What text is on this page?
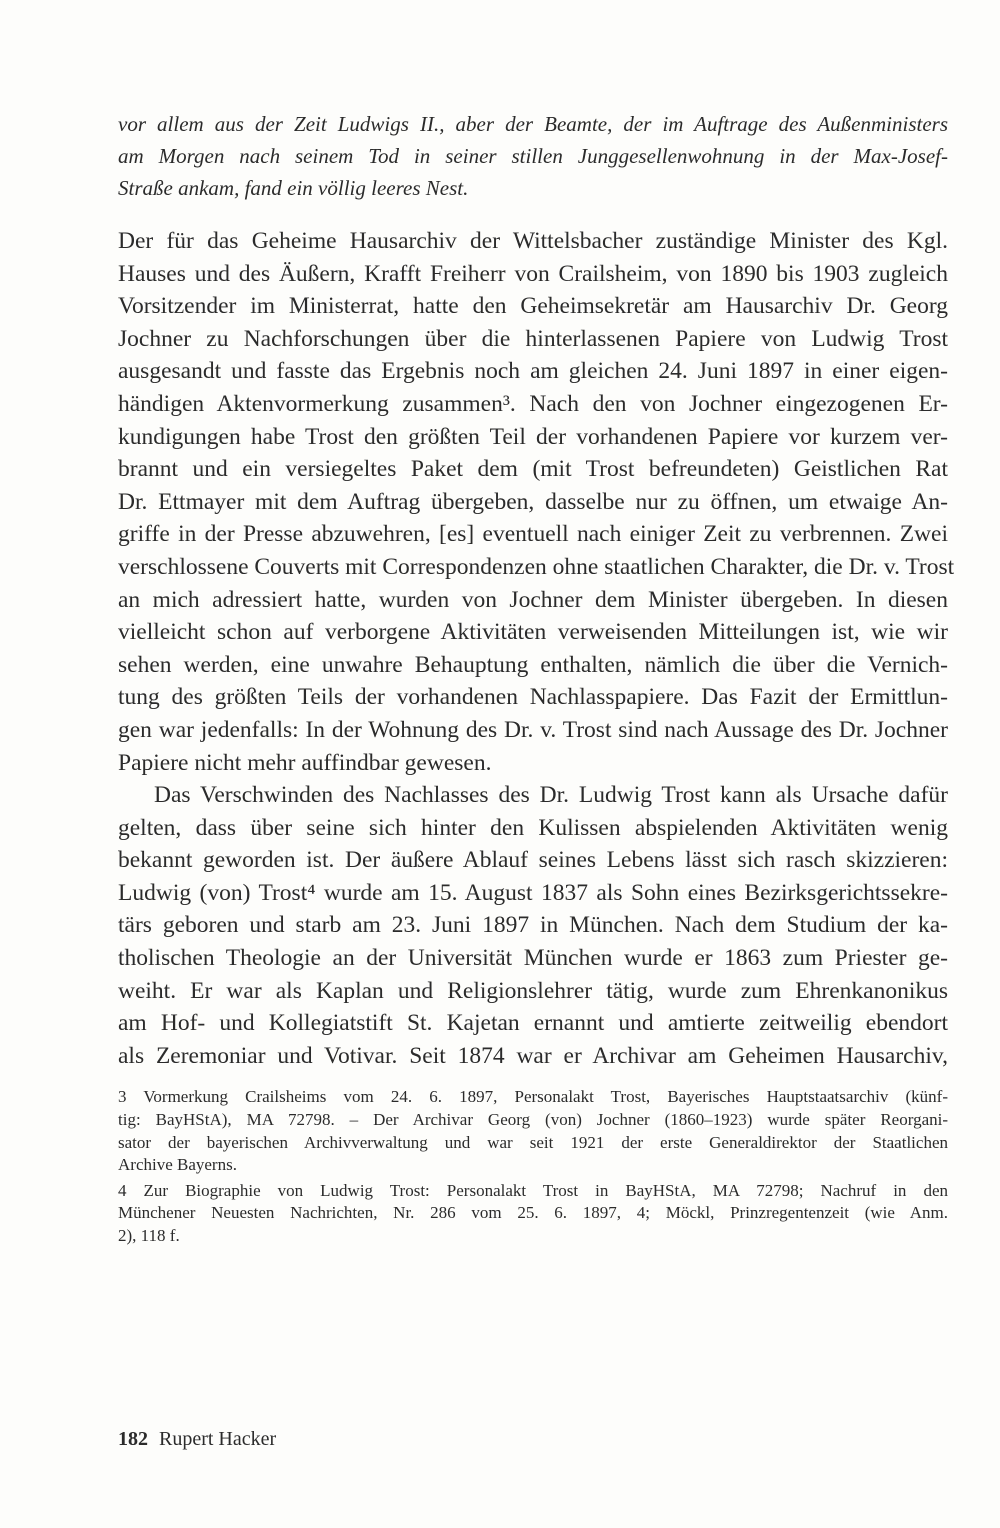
vor allem aus der Zeit Ludwigs II., aber der Beamte, der im Auftrage des Außenministers
am Morgen nach seinem Tod in seiner stillen Junggesellenwohnung in der Max-Josef-
Straße ankam, fand ein völlig leeres Nest.
Der für das Geheime Hausarchiv der Wittelsbacher zuständige Minister des Kgl.
Hauses und des Äußern, Krafft Freiherr von Crailsheim, von 1890 bis 1903 zugleich
Vorsitzender im Ministerrat, hatte den Geheimsekretär am Hausarchiv Dr. Georg
Jochner zu Nachforschungen über die hinterlassenen Papiere von Ludwig Trost
ausgesandt und fasste das Ergebnis noch am gleichen 24. Juni 1897 in einer eigen-
händigen Aktenvormerkung zusammen³. Nach den von Jochner eingezogenen Er-
kundigungen habe Trost den größten Teil der vorhandenen Papiere vor kurzem ver-
brannt und ein versiegeltes Paket dem (mit Trost befreundeten) Geistlichen Rat
Dr. Ettmayer mit dem Auftrag übergeben, dasselbe nur zu öffnen, um etwaige An-
griffe in der Presse abzuwehren, [es] eventuell nach einiger Zeit zu verbrennen. Zwei
verschlossene Couverts mit Correspondenzen ohne staatlichen Charakter, die Dr. v. Trost
an mich adressiert hatte, wurden von Jochner dem Minister übergeben. In diesen
vielleicht schon auf verborgene Aktivitäten verweisenden Mitteilungen ist, wie wir
sehen werden, eine unwahre Behauptung enthalten, nämlich die über die Vernich-
tung des größten Teils der vorhandenen Nachlasspapiere. Das Fazit der Ermittlun-
gen war jedenfalls: In der Wohnung des Dr. v. Trost sind nach Aussage des Dr. Jochner
Papiere nicht mehr auffindbar gewesen.
Das Verschwinden des Nachlasses des Dr. Ludwig Trost kann als Ursache dafür
gelten, dass über seine sich hinter den Kulissen abspielenden Aktivitäten wenig
bekannt geworden ist. Der äußere Ablauf seines Lebens lässt sich rasch skizzieren:
Ludwig (von) Trost⁴ wurde am 15. August 1837 als Sohn eines Bezirksgerichtssekre-
tärs geboren und starb am 23. Juni 1897 in München. Nach dem Studium der ka-
tholischen Theologie an der Universität München wurde er 1863 zum Priester ge-
weiht. Er war als Kaplan und Religionslehrer tätig, wurde zum Ehrenkanonikus
am Hof- und Kollegiatstift St. Kajetan ernannt und amtierte zeitweilig ebendort
als Zeremoniar und Votivar. Seit 1874 war er Archivar am Geheimen Hausarchiv,
3 Vormerkung Crailsheims vom 24. 6. 1897, Personalakt Trost, Bayerisches Hauptstaatsarchiv (künf-
tig: BayHStA), MA 72798. – Der Archivar Georg (von) Jochner (1860–1923) wurde später Reorgani-
sator der bayerischen Archivverwaltung und war seit 1921 der erste Generaldirektor der Staatlichen
Archive Bayerns.
4 Zur Biographie von Ludwig Trost: Personalakt Trost in BayHStA, MA 72798; Nachruf in den
Münchener Neuesten Nachrichten, Nr. 286 vom 25. 6. 1897, 4; Möckl, Prinzregentenzeit (wie Anm.
2), 118 f.
182 Rupert Hacker
